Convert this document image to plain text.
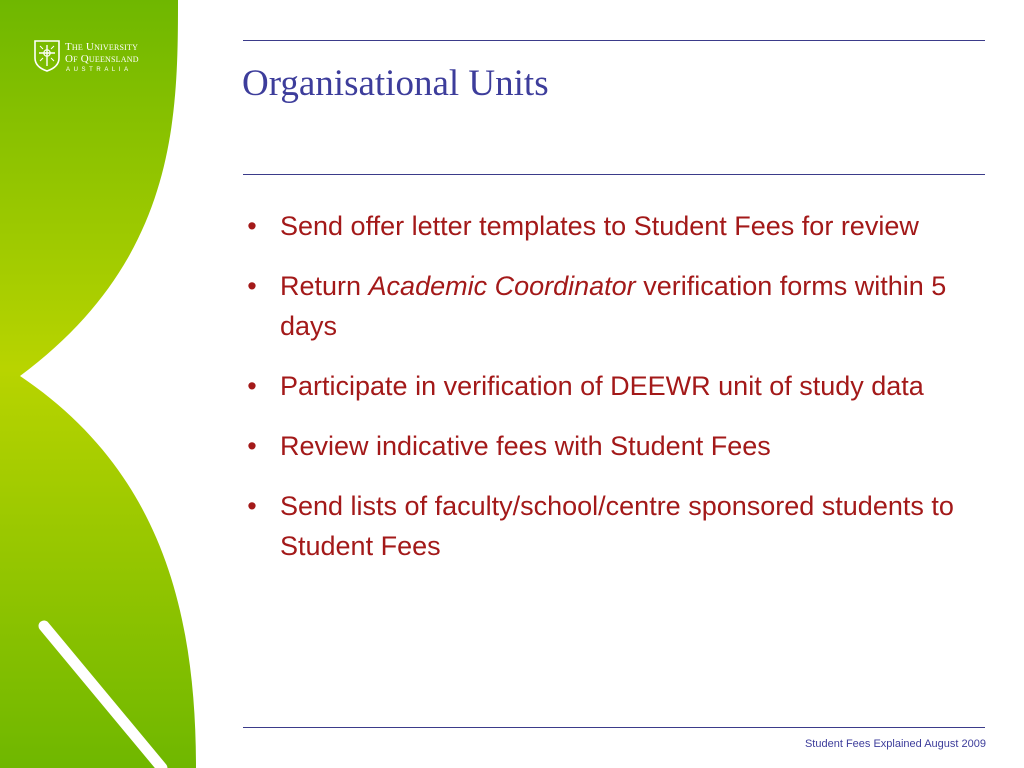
The University
Of Queensland
AUSTRALIA	Organisational Units
• Send offer letter templates to Student Fees for review
• Return Academic Coordinator verification forms within 5 days
• Participate in verification of DEEWR unit of study data
• Review indicative fees with Student Fees
• Send lists of faculty/school/centre sponsored students to Student Fees
Student Fees Explained August 2009
